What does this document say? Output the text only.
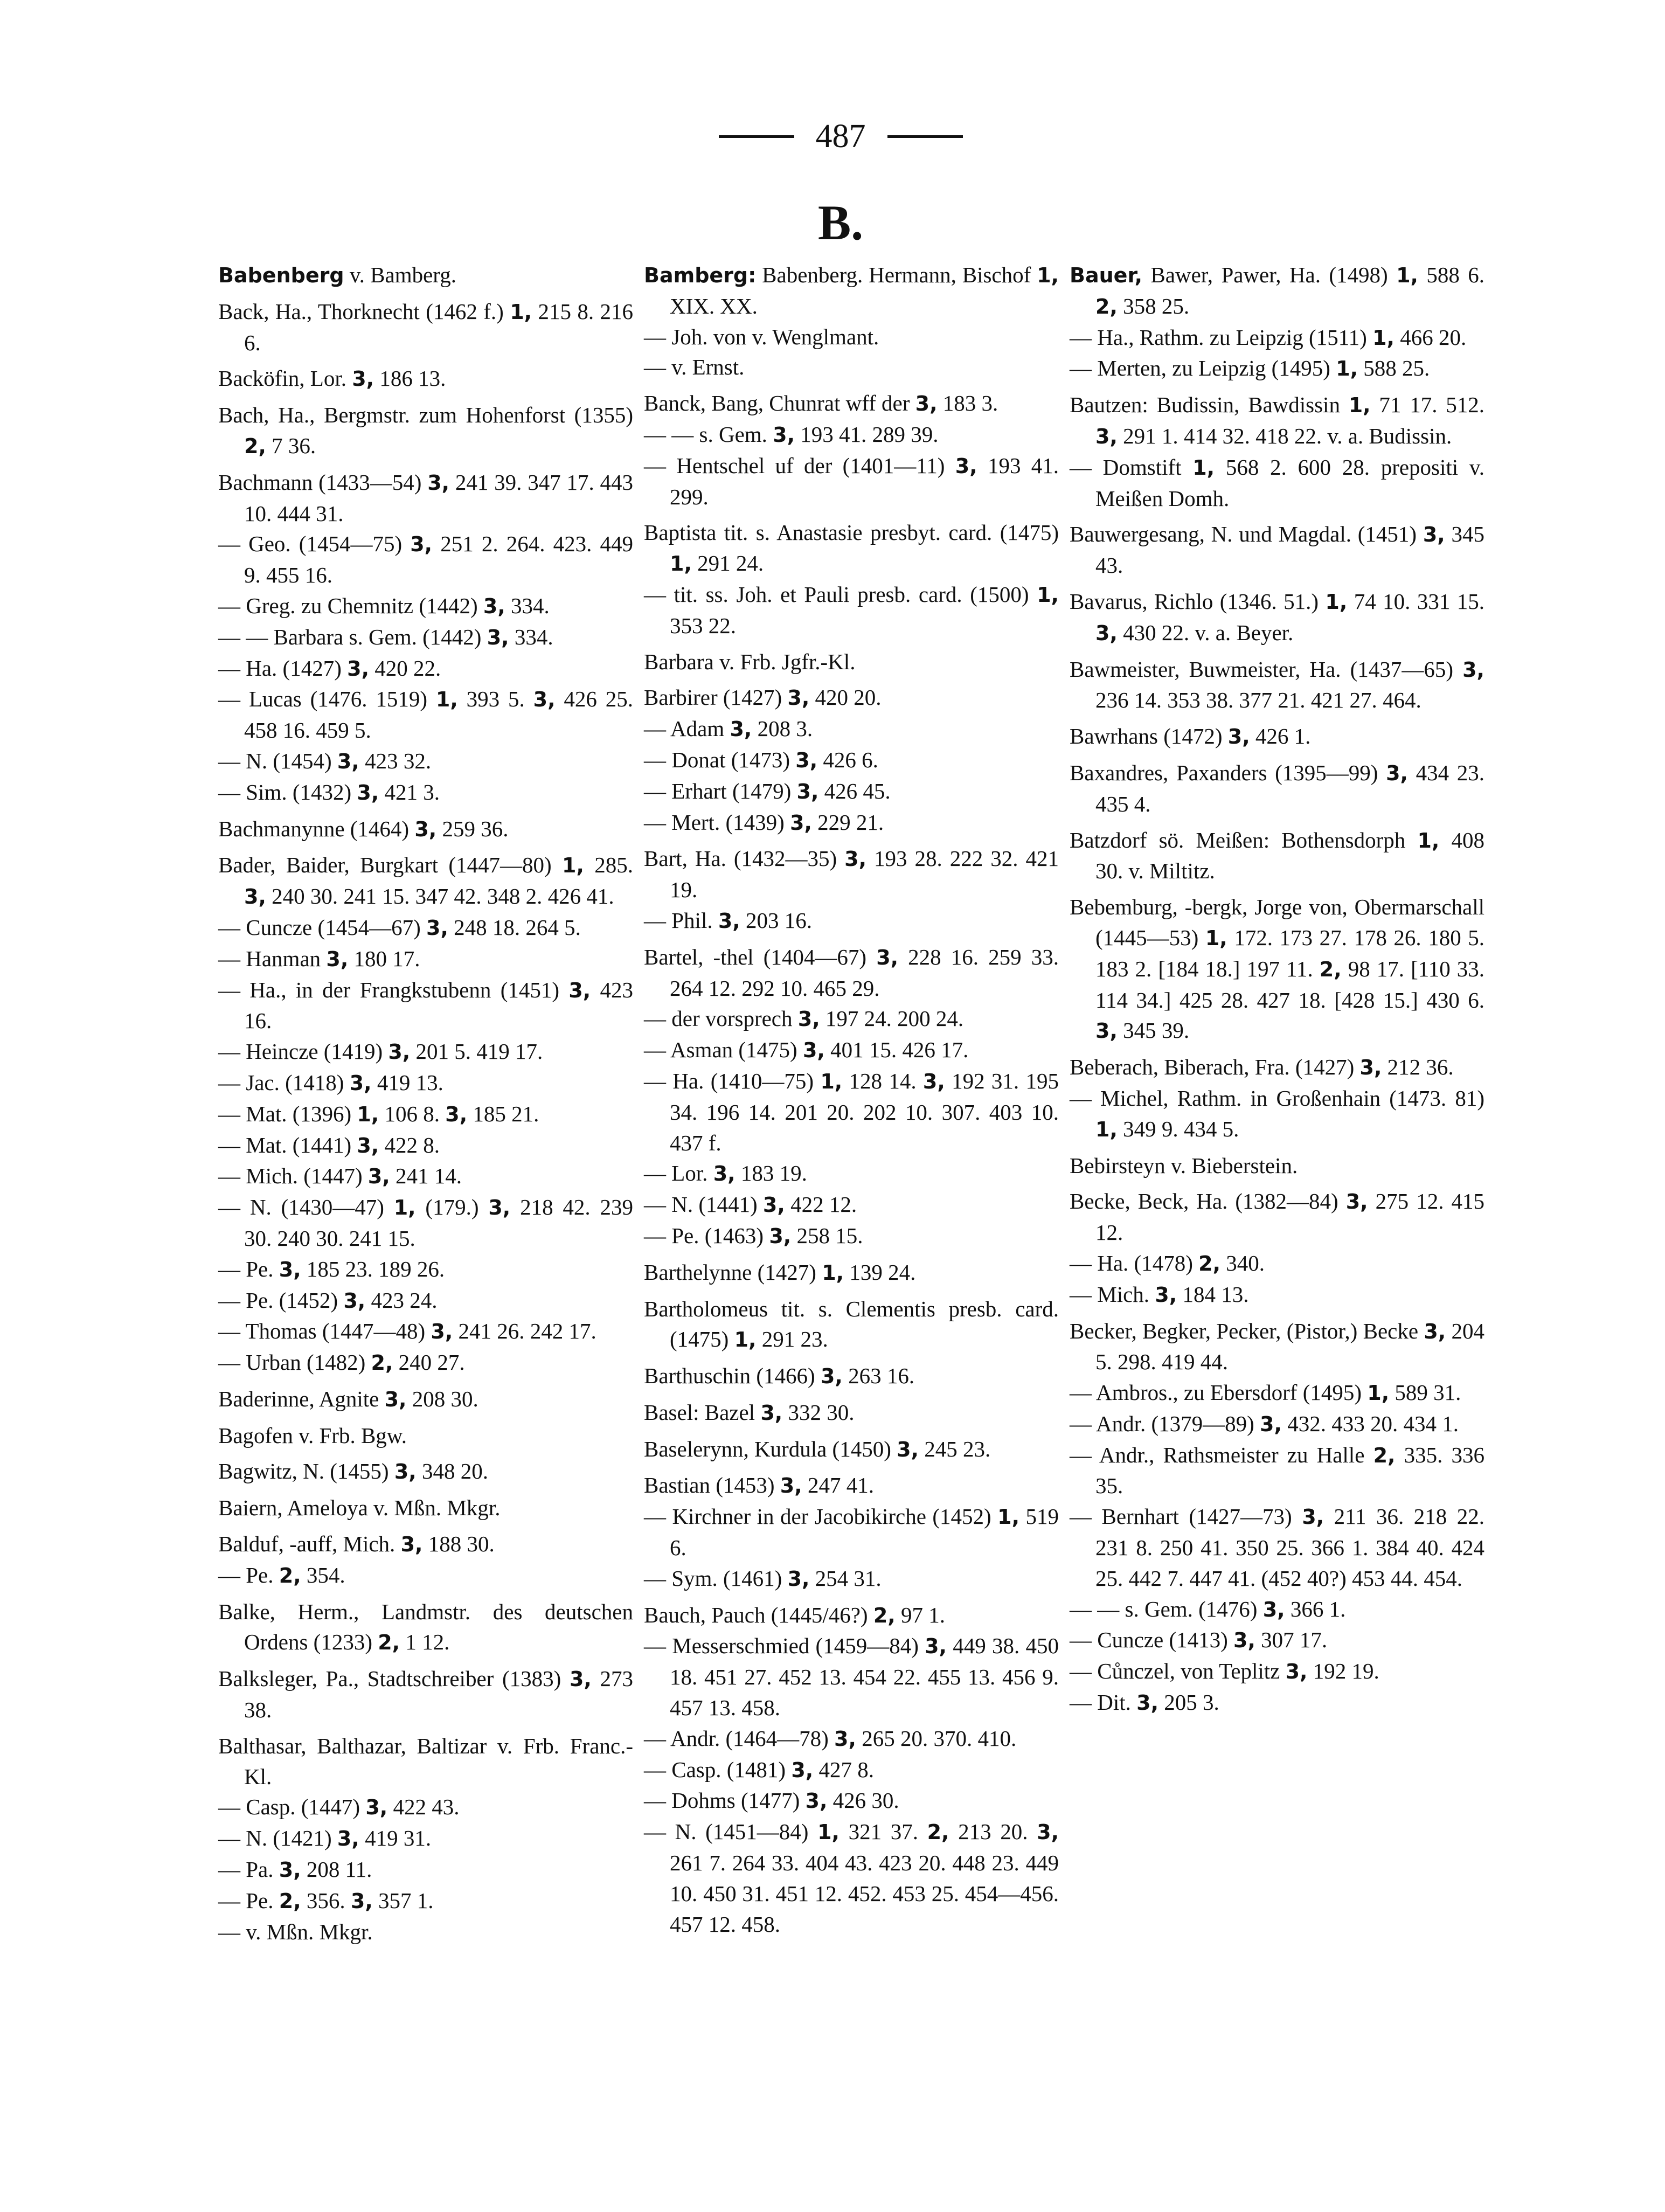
487
B.

Babenberg v. Bamberg.

Back, Ha., Thorknecht (1462 f.) 1, 215 8. 216 6.

Backöfin, Lor. 3, 186 13.

Bach, Ha., Bergmstr. zum Hohenforst (1355) 2, 7 36.

Bachmann (1433—54) 3, 241 39. 347 17. 443 10. 444 31.

— Geo. (1454—75) 3, 251 2. 264. 423. 449 9. 455 16.

— Greg. zu Chemnitz (1442) 3, 334.

— — Barbara s. Gem. (1442) 3, 334.

— Ha. (1427) 3, 420 22.

— Lucas (1476. 1519) 1, 393 5. 3, 426 25. 458 16. 459 5.

— N. (1454) 3, 423 32.

— Sim. (1432) 3, 421 3.

Bachmanynne (1464) 3, 259 36.

Bader, Baider, Burgkart (1447—80) 1, 285. 3, 240 30. 241 15. 347 42. 348 2. 426 41.

— Cuncze (1454—67) 3, 248 18. 264 5.

— Hanman 3, 180 17.

— Ha., in der Frangkstubenn (1451) 3, 423 16.

— Heincze (1419) 3, 201 5. 419 17.

— Jac. (1418) 3, 419 13.

— Mat. (1396) 1, 106 8. 3, 185 21.

— Mat. (1441) 3, 422 8.

— Mich. (1447) 3, 241 14.

— N. (1430—47) 1, (179.) 3, 218 42. 239 30. 240 30. 241 15.

— Pe. 3, 185 23. 189 26.

— Pe. (1452) 3, 423 24.

— Thomas (1447—48) 3, 241 26. 242 17.

— Urban (1482) 2, 240 27.

Baderinne, Agnite 3, 208 30.

Bagofen v. Frb. Bgw.

Bagwitz, N. (1455) 3, 348 20.

Baiern, Ameloya v. Mßn. Mkgr.

Balduf, -auff, Mich. 3, 188 30.

— Pe. 2, 354.

Balke, Herm., Landmstr. des deutschen Ordens (1233) 2, 1 12.

Balksleger, Pa., Stadtschreiber (1383) 3, 273 38.

Balthasar, Balthazar, Baltizar v. Frb. Franc.-Kl.

— Casp. (1447) 3, 422 43.

— N. (1421) 3, 419 31.

— Pa. 3, 208 11.

— Pe. 2, 356. 3, 357 1.

— v. Mßn. Mkgr.

Bamberg: Babenberg. Hermann, Bischof 1, XIX. XX.

— Joh. von v. Wenglmant.

— v. Ernst.

Banck, Bang, Chunrat wff der 3, 183 3.

— — s. Gem. 3, 193 41. 289 39.

— Hentschel uf der (1401—11) 3, 193 41. 299.

Baptista tit. s. Anastasie presbyt. card. (1475) 1, 291 24.

— tit. ss. Joh. et Pauli presb. card. (1500) 1, 353 22.

Barbara v. Frb. Jgfr.-Kl.

Barbirer (1427) 3, 420 20.

— Adam 3, 208 3.

— Donat (1473) 3, 426 6.

— Erhart (1479) 3, 426 45.

— Mert. (1439) 3, 229 21.

Bart, Ha. (1432—35) 3, 193 28. 222 32. 421 19.

— Phil. 3, 203 16.

Bartel, -thel (1404—67) 3, 228 16. 259 33. 264 12. 292 10. 465 29.

— der vorsprech 3, 197 24. 200 24.

— Asman (1475) 3, 401 15. 426 17.

— Ha. (1410—75) 1, 128 14. 3, 192 31. 195 34. 196 14. 201 20. 202 10. 307. 403 10. 437 f.

— Lor. 3, 183 19.

— N. (1441) 3, 422 12.

— Pe. (1463) 3, 258 15.

Barthelynne (1427) 1, 139 24.

Bartholomeus tit. s. Clementis presb. card. (1475) 1, 291 23.

Barthuschin (1466) 3, 263 16.

Basel: Bazel 3, 332 30.

Baselerynn, Kurdula (1450) 3, 245 23.

Bastian (1453) 3, 247 41.

— Kirchner in der Jacobikirche (1452) 1, 519 6.

— Sym. (1461) 3, 254 31.

Bauch, Pauch (1445/46?) 2, 97 1.

— Messerschmied (1459—84) 3, 449 38. 450 18. 451 27. 452 13. 454 22. 455 13. 456 9. 457 13. 458.

— Andr. (1464—78) 3, 265 20. 370. 410.

— Casp. (1481) 3, 427 8.

— Dohms (1477) 3, 426 30.

— N. (1451—84) 1, 321 37. 2, 213 20. 3, 261 7. 264 33. 404 43. 423 20. 448 23. 449 10. 450 31. 451 12. 452. 453 25. 454—456. 457 12. 458.

Bauer, Bawer, Pawer, Ha. (1498) 1, 588 6. 2, 358 25.

— Ha., Rathm. zu Leipzig (1511) 1, 466 20.

— Merten, zu Leipzig (1495) 1, 588 25.

Bautzen: Budissin, Bawdissin 1, 71 17. 512. 3, 291 1. 414 32. 418 22. v. a. Budissin.

— Domstift 1, 568 2. 600 28. prepositi v. Meißen Domh.

Bauwergesang, N. und Magdal. (1451) 3, 345 43.

Bavarus, Richlo (1346. 51.) 1, 74 10. 331 15. 3, 430 22. v. a. Beyer.

Bawmeister, Buwmeister, Ha. (1437—65) 3, 236 14. 353 38. 377 21. 421 27. 464.

Bawrhans (1472) 3, 426 1.

Baxandres, Paxanders (1395—99) 3, 434 23. 435 4.

Batzdorf sö. Meißen: Bothensdorph 1, 408 30. v. Miltitz.

Bebemburg, -bergk, Jorge von, Obermarschall (1445—53) 1, 172. 173 27. 178 26. 180 5. 183 2. [184 18.] 197 11. 2, 98 17. [110 33. 114 34.] 425 28. 427 18. [428 15.] 430 6. 3, 345 39.

Beberach, Biberach, Fra. (1427) 3, 212 36.

— Michel, Rathm. in Großenhain (1473. 81) 1, 349 9. 434 5.

Bebirsteyn v. Bieberstein.

Becke, Beck, Ha. (1382—84) 3, 275 12. 415 12.

— Ha. (1478) 2, 340.

— Mich. 3, 184 13.

Becker, Begker, Pecker, (Pistor,) Becke 3, 204 5. 298. 419 44.

— Ambros., zu Ebersdorf (1495) 1, 589 31.

— Andr. (1379—89) 3, 432. 433 20. 434 1.

— Andr., Rathsmeister zu Halle 2, 335. 336 35.

— Bernhart (1427—73) 3, 211 36. 218 22. 231 8. 250 41. 350 25. 366 1. 384 40. 424 25. 442 7. 447 41. (452 40?) 453 44. 454.

— — s. Gem. (1476) 3, 366 1.

— Cuncze (1413) 3, 307 17.

— Cůnczel, von Teplitz 3, 192 19.

— Dit. 3, 205 3.
